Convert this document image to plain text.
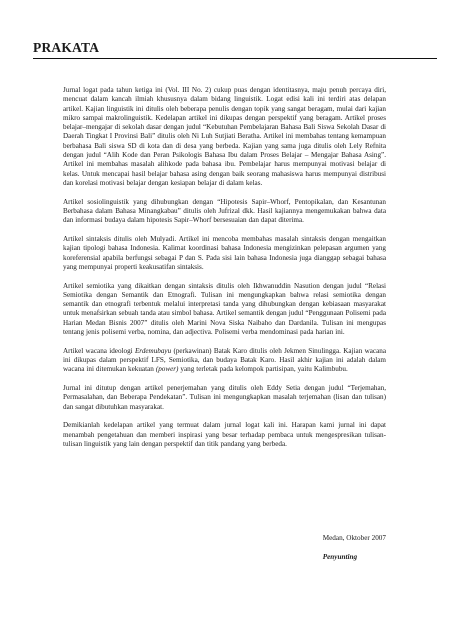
PRAKATA

Jurnal logat pada tahun ketiga ini (Vol. III No. 2) cukup puas dengan identitasnya, maju penuh percaya diri, mencuat dalam kancah ilmiah khususnya dalam bidang linguistik. Logat edisi kali ini terdiri atas delapan artikel. Kajian linguistik ini ditulis oleh beberapa penulis dengan topik yang sangat beragam, mulai dari kajian mikro sampai makrolinguistik. Kedelapan artikel ini dikupas dengan perspektif yang beragam. Artikel proses belajar–mengajar di sekolah dasar dengan judul “Kebutuhan Pembelajaran Bahasa Bali Siswa Sekolah Dasar di Daerah Tingkat I Provinsi Bali” ditulis oleh Ni Luh Sutjiati Beratha. Artikel ini membahas tentang kemampuan berbahasa Bali siswa SD di kota dan di desa yang berbeda. Kajian yang sama juga ditulis oleh Lely Refnita dengan judul “Alih Kode dan Peran Psikologis Bahasa Ibu dalam Proses Belajar – Mengajar Bahasa Asing”. Artikel ini membahas masalah alihkode pada bahasa ibu. Pembelajar harus mempunyai motivasi belajar di kelas. Untuk mencapai hasil belajar bahasa asing dengan baik seorang mahasiswa harus mempunyai distribusi dan korelasi motivasi belajar dengan kesiapan belajar di dalam kelas.

Artikel sosiolinguistik yang dihubungkan dengan “Hipotesis Sapir–Whorf, Pentopikalan, dan Kesantunan Berbahasa dalam Bahasa Minangkabau” ditulis oleh Jufrizal dkk. Hasil kajiannya mengemukakan bahwa data dan informasi budaya dalam hipotesis Sapir–Whorf bersesuaian dan dapat diterima.

Artikel sintaksis ditulis oleh Mulyadi. Artikel ini mencoba membahas masalah sintaksis dengan mengaitkan kajian tipologi bahasa Indonesia. Kalimat koordinasi bahasa Indonesia mengizinkan pelepasan argumen yang koreferensial apabila berfungsi sebagai P dan S. Pada sisi lain bahasa Indonesia juga dianggap sebagai bahasa yang mempunyai properti keakusatifan sintaksis.

Artikel semiotika yang dikaitkan dengan sintaksis ditulis oleh Ikhwanuddin Nasution dengan judul “Relasi Semiotika dengan Semantik dan Etnografi. Tulisan ini mengungkapkan bahwa relasi semiotika dengan semantik dan etnografi terbentuk melalui interpretasi tanda yang dihubungkan dengan kebiasaan masyarakat untuk menafsirkan sebuah tanda atau simbol bahasa. Artikel semantik dengan judul “Penggunaan Polisemi pada Harian Medan Bisnis 2007” ditulis oleh Marini Nova Siska Naibaho dan Dardanila. Tulisan ini mengupas tentang jenis polisemi verba, nomina, dan adjectiva. Polisemi verba mendominasi pada harian ini.

Artikel wacana ideologi Erdemubayu (perkawinan) Batak Karo ditulis oleh Jekmen Sinulingga. Kajian wacana ini dikupas dalam perspektif LFS, Semiotika, dan budaya Batak Karo. Hasil akhir kajian ini adalah dalam wacana ini ditemukan kekuatan (power) yang terletak pada kelompok partisipan, yaitu Kalimbubu.

Jurnal ini ditutup dengan artikel penerjemahan yang ditulis oleh Eddy Setia dengan judul “Terjemahan, Permasalahan, dan Beberapa Pendekatan”. Tulisan ini mengungkapkan masalah terjemahan (lisan dan tulisan) dan sangat dibutuhkan masyarakat.

Demikianlah kedelapan artikel yang termuat dalam jurnal logat kali ini. Harapan kami jurnal ini dapat menambah pengetahuan dan memberi inspirasi yang besar terhadap pembaca untuk mengespresikan tulisan-tulisan linguistik yang lain dengan perspektif dan titik pandang yang berbeda.

Medan, Oktober 2007

Penyunting
